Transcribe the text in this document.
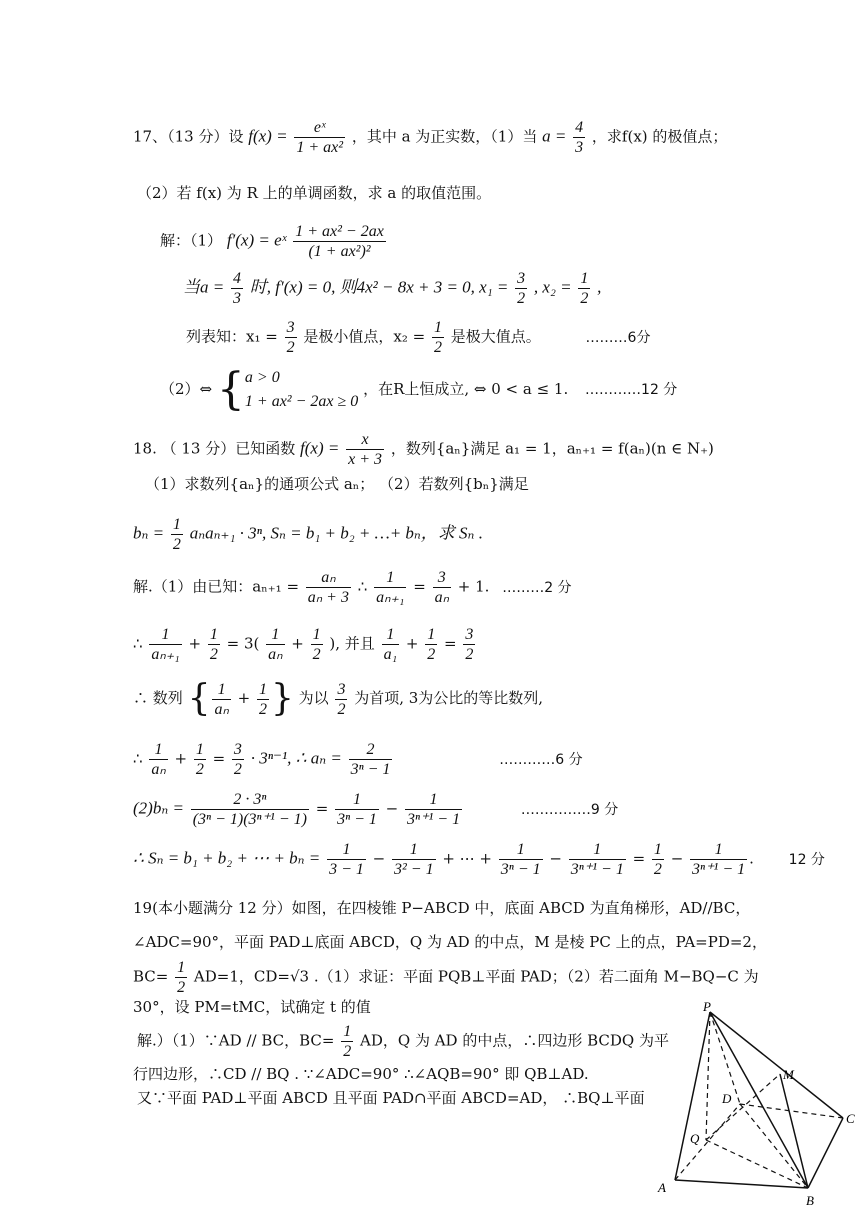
17、（13 分）设 $f(x) = \frac{\text{eˣ}}{\text{1 + ax²}}$ ，其中 a 为正实数，（1）当 $a = \frac{4}{3}$ ，求f(x) 的极值点；
（2）若 f(x) 为 R 上的单调函数，求 a 的取值范围。
解：（1） f′(x) = eˣ $\frac{\text{1 + ax² − 2ax}}{\text{(1 + ax²)²}}$
当$a = \frac{4}{3}$ 时, f′(x) = 0, 则4x² − 8x + 3 = 0, $x_1 = \frac{3}{2}$ , $x_2 = \frac{1}{2}$ ,
列表知：$x_1 = \frac{3}{2}$ 是极小值点，$x_2 = \frac{1}{2}$ 是极大值点。	………6分
（2）⇔ { a > 0
1 + ax² − 2ax ≥ 0
，在R上恒成立, ⇔ 0 < a ≤ 1. …………12 分
18. （ 13 分）已知函数 $f(x) = \frac{x}{x + 3}$ ，数列{aₙ}满足 a₁ = 1，aₙ₊₁ = f(aₙ)(n ∈ N₊)
（1）求数列{aₙ}的通项公式 aₙ； （2）若数列{bₙ}满足
$b_n = \frac{1}{2} a_na_{n+1} \cdot 3^n$, Sₙ = b₁ + b₂ + …+ bₙ，求 Sₙ .
解.（1）由已知：$a_{n+1} = \frac{\text{aₙ}}{\text{aₙ + 3}}$ ∴ $\frac{1}{\text{aₙ₊₁}} = \frac{3}{\text{aₙ}} + 1$. ………2 分
∴ $\frac{1}{\text{aₙ₊₁}} + \frac{1}{2} = 3( \frac{1}{\text{aₙ}} + \frac{1}{2}$ ), 并且 $\frac{1}{\text{a₁}} + \frac{1}{2} = \frac{3}{2}$
∴ 数列 { $\frac{1}{\text{aₙ}} + \frac{1}{2}$ } 为以 $\frac{3}{2}$ 为首项, 3为公比的等比数列,
∴ $\frac{1}{\text{aₙ}} + \frac{1}{2} = \frac{3}{2} \cdot 3^{n-1}$, ∴ $a_n = \frac{2}{\text{3ⁿ − 1}}$	…………6 分
$(2)b_n = \frac{\text{2 · 3ⁿ}}{\text{(3ⁿ − 1)(3ⁿ⁺¹ − 1)}} = \frac{1}{\text{3ⁿ − 1}} - \frac{1}{\text{3ⁿ⁺¹ − 1}}$	……………9 分
∴ Sₙ = b₁ + b₂ + ⋯ + $b_n = \frac{1}{3 - 1} - \frac{1}{\text{3² − 1}}$ + ⋯ + $\frac{1}{\text{3ⁿ − 1}} - \frac{1}{\text{3ⁿ⁺¹ − 1}} = \frac{1}{2} - \frac{1}{\text{3ⁿ⁺¹ − 1}}$ . 12 分
19(本小题满分 12 分）如图，在四棱锥 P−ABCD 中，底面 ABCD 为直角梯形，AD//BC，
∠ADC=90°，平面 PAD⊥底面 ABCD，Q 为 AD 的中点，M 是棱 PC 上的点，PA=PD=2，
$BC= \frac{1}{2} AD=1$，CD=√3 .（1）求证：平面 PQB⊥平面 PAD；（2）若二面角 M−BQ−C 为
30°，设 PM=tMC，试确定 t 的值
解.）（1）∵AD // BC，$BC= \frac{1}{2}$ AD，Q 为 AD 的中点，∴四边形 BCDQ 为平
行四边形，∴CD // BQ . ∵∠ADC=90° ∴∠AQB=90° 即 QB⊥AD.
又∵平面 PAD⊥平面 ABCD 且平面 PAD∩平面 ABCD=AD， ∴BQ⊥平面
P
M
D
Q
C
A
B
